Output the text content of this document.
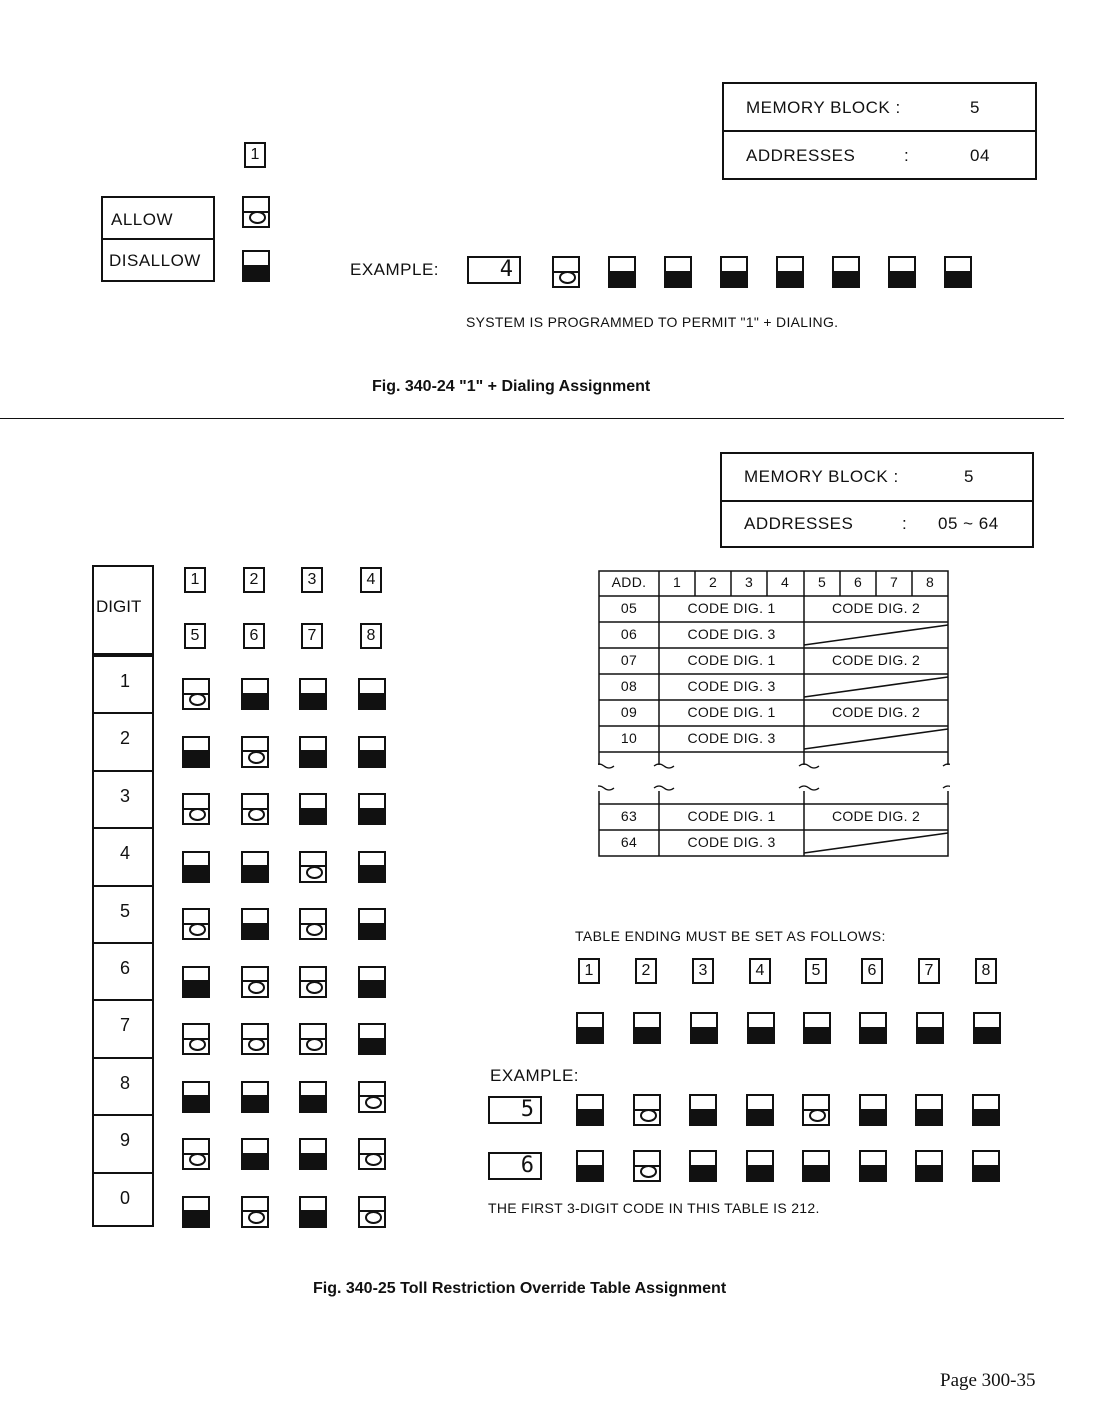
MEMORY BLOCK :	5
ADDRESSES	:	04
1
ALLOW
DISALLOW	EXAMPLE:	4
SYSTEM IS PROGRAMMED TO PERMIT "1" + DIALING.
Fig. 340-24 "1" + Dialing Assignment
MEMORY BLOCK :	5
ADDRESSES	: 05 ~ 64
DIGIT
1
2
3
4
5
6
7
8
9
0
1	2	3	4
5	6	7	8
ADD.	1	2	3	4	5	6	7	8
05	CODE DIG. 1	CODE DIG. 2
06	CODE DIG. 3
07	CODE DIG. 1	CODE DIG. 2
08	CODE DIG. 3
09	CODE DIG. 1	CODE DIG. 2
10	CODE DIG. 3
63	CODE DIG. 1	CODE DIG. 2
64	CODE DIG. 3
TABLE ENDING MUST BE SET AS FOLLOWS:
1	2	3	4	5	6	7	8
EXAMPLE:
5
6
THE FIRST 3-DIGIT CODE IN THIS TABLE IS 212.
Fig. 340-25 Toll Restriction Override Table Assignment
Page 300-35
